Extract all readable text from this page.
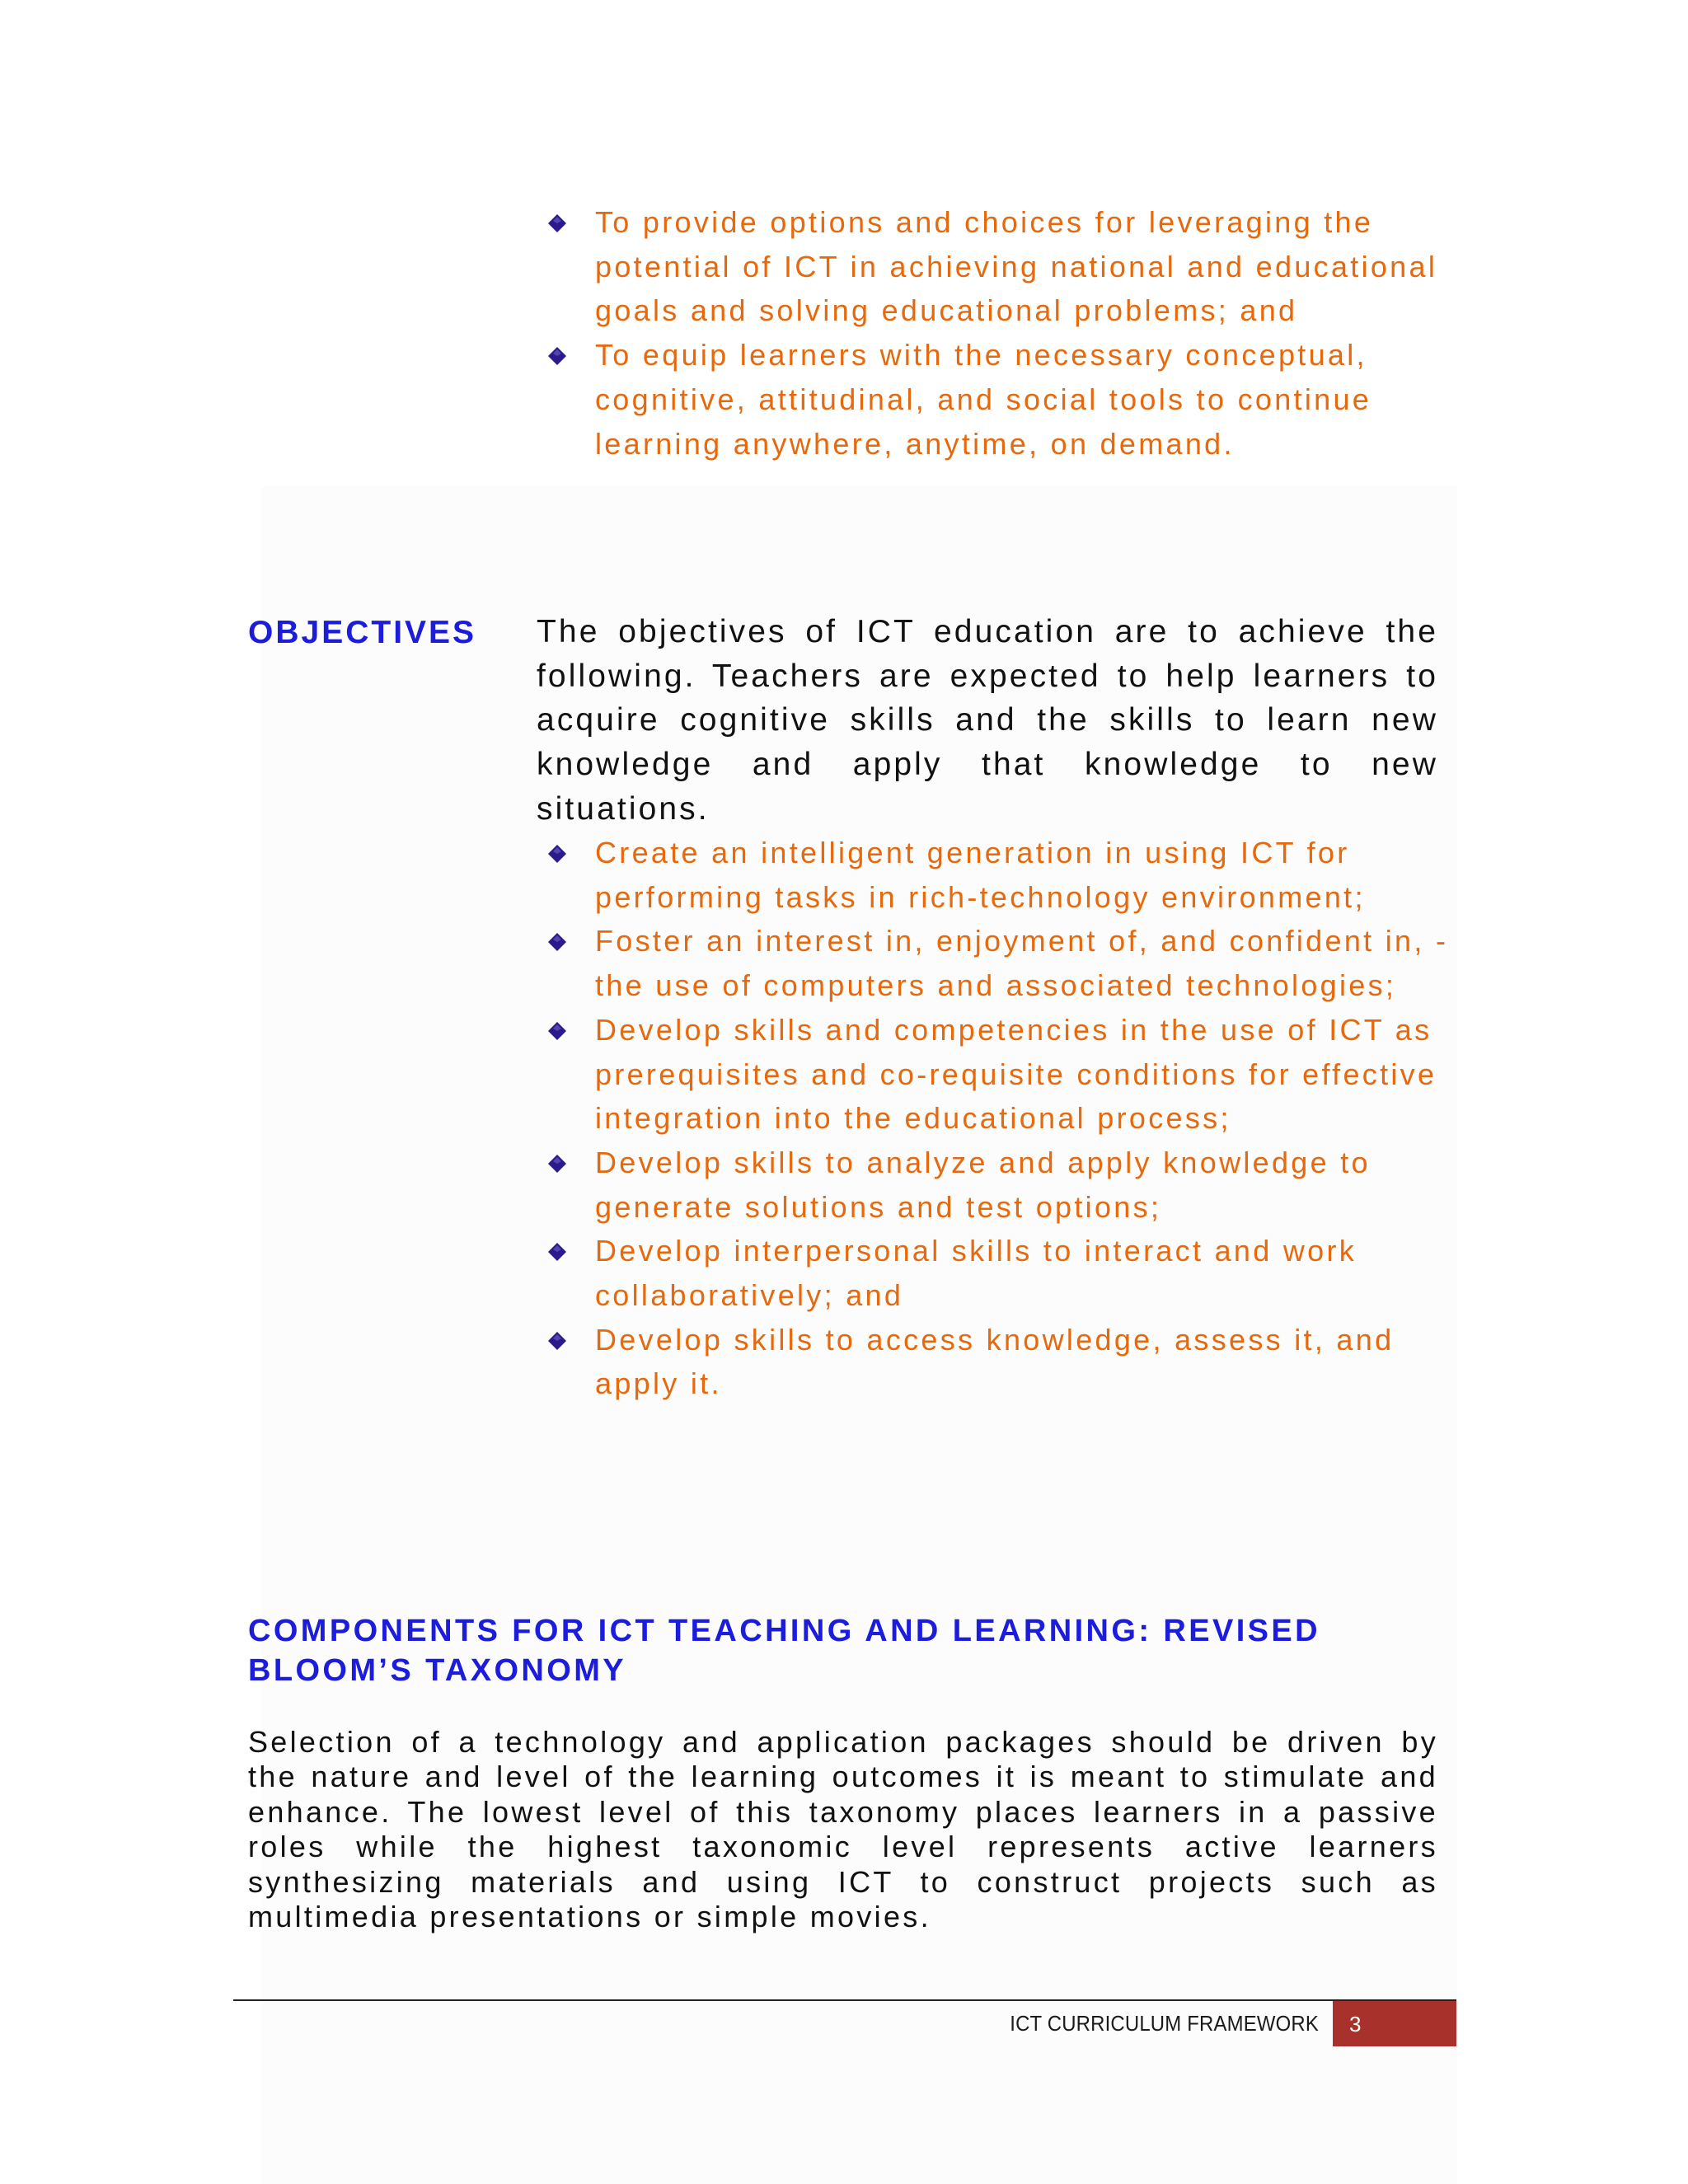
To provide options and choices for leveraging the potential of ICT in achieving national and educational goals and solving educational problems; and
To equip learners with the necessary conceptual, cognitive, attitudinal, and social tools to continue learning anywhere, anytime, on demand.
OBJECTIVES The objectives of ICT education are to achieve the following. Teachers are expected to help learners to acquire cognitive skills and the skills to learn new knowledge and apply that knowledge to new situations.

Create an intelligent generation in using ICT for performing tasks in rich-technology environment;
Foster an interest in, enjoyment of, and confident in, - the use of computers and associated technologies;
Develop skills and competencies in the use of ICT as prerequisites and co-requisite conditions for effective integration into the educational process;
Develop skills to analyze and apply knowledge to generate solutions and test options;
Develop interpersonal skills to interact and work collaboratively; and
Develop skills to access knowledge, assess it, and apply it.
COMPONENTS FOR ICT TEACHING AND LEARNING: REVISED BLOOM’S TAXONOMY

Selection of a technology and application packages should be driven by the nature and level of the learning outcomes it is meant to stimulate and enhance. The lowest level of this taxonomy places learners in a passive roles while the highest taxonomic level represents active learners synthesizing materials and using ICT to construct projects such as multimedia presentations or simple movies.

ICT CURRICULUM FRAMEWORK 3
